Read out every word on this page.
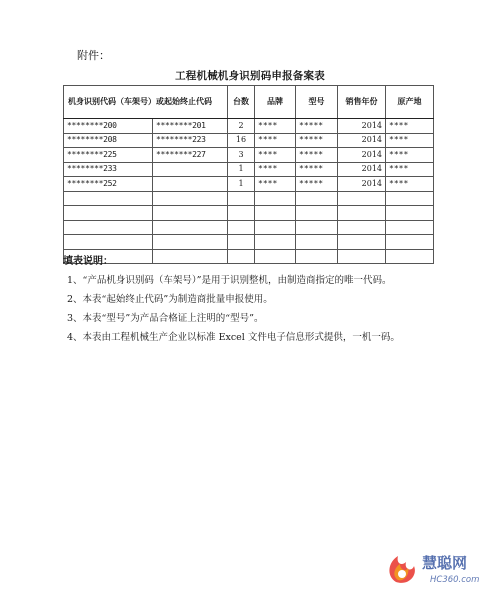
附件：
工程机械机身识别码申报备案表
机身识别代码（车架号）或起始终止代码		台数	品牌	型号	销售年份	原产地
********200	********201	2	****	*****	2014	****
********208	********223	16	****	*****	2014	****
********225	********227	3	****	*****	2014	****
********233		1	****	*****	2014	****
********252		1	****	*****	2014	****

填表说明：
1、“产品机身识别码（车架号）”是用于识别整机，由制造商指定的唯一代码。
2、本表“起始终止代码”为制造商批量申报使用。
3、本表“型号”为产品合格证上注明的“型号”。
4、本表由工程机械生产企业以标准 Excel 文件电子信息形式提供，一机一码。
慧聪网
HC360.com
